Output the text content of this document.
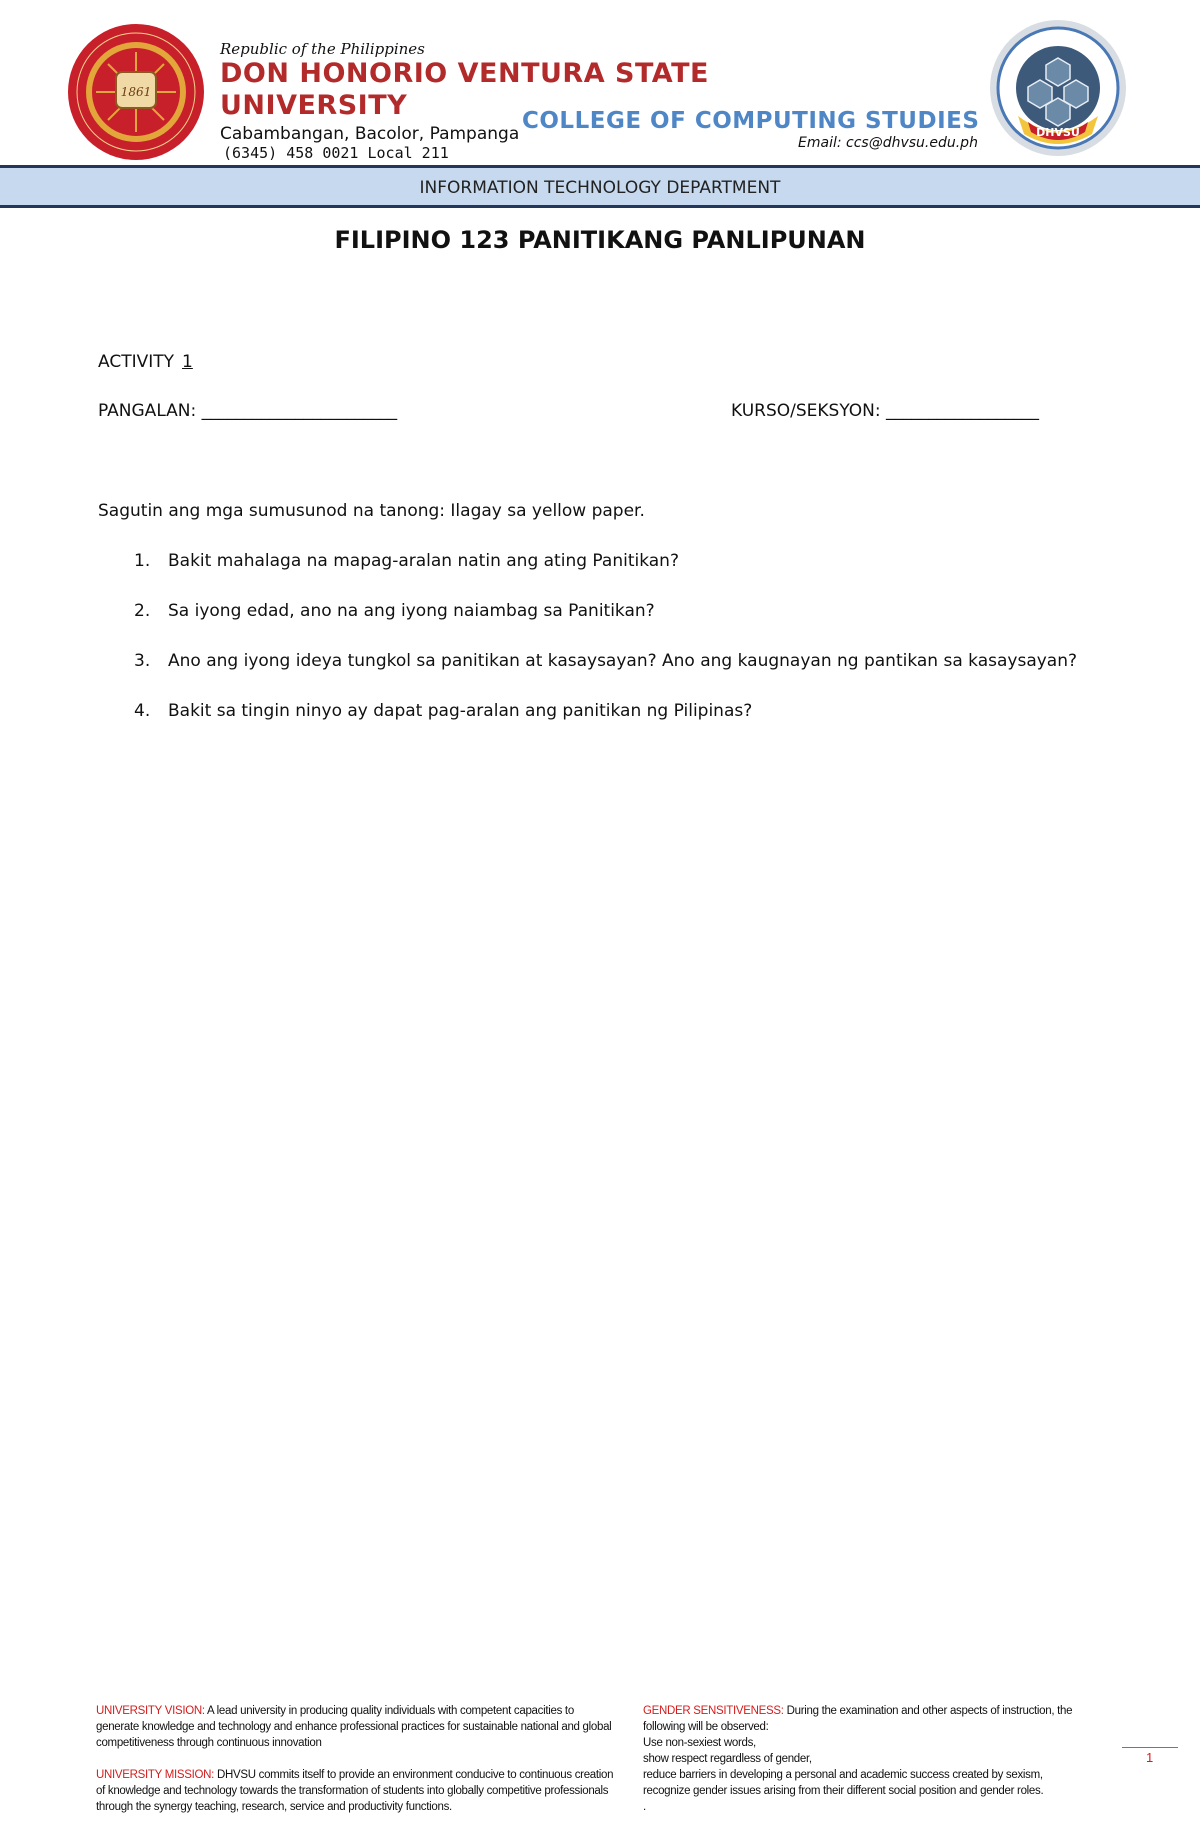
1861
Republic of the Philippines
DON HONORIO VENTURA STATE
UNIVERSITY
Cabambangan, Bacolor, Pampanga
(6345) 458 0021 Local 211
COLLEGE OF COMPUTING STUDIES
Email: ccs@dhvsu.edu.ph
DHVSU
INFORMATION TECHNOLOGY DEPARTMENT
FILIPINO 123 PANITIKANG PANLIPUNAN
ACTIVITY 1
PANGALAN: _______________________	KURSO/SEKSYON: __________________
Sagutin ang mga sumusunod na tanong: Ilagay sa yellow paper.
1. Bakit mahalaga na mapag-aralan natin ang ating Panitikan?
2. Sa iyong edad, ano na ang iyong naiambag sa Panitikan?
3. Ano ang iyong ideya tungkol sa panitikan at kasaysayan? Ano ang kaugnayan ng pantikan sa kasaysayan?
4. Bakit sa tingin ninyo ay dapat pag-aralan ang panitikan ng Pilipinas?
UNIVERSITY VISION: A lead university in producing quality individuals with competent capacities to generate knowledge and technology and enhance professional practices for sustainable national and global competitiveness through continuous innovation
UNIVERSITY MISSION: DHVSU commits itself to provide an environment conducive to continuous creation of knowledge and technology towards the transformation of students into globally competitive professionals through the synergy teaching, research, service and productivity functions.
GENDER SENSITIVENESS: During the examination and other aspects of instruction, the following will be observed:
Use non-sexiest words,
show respect regardless of gender,
reduce barriers in developing a personal and academic success created by sexism,
recognize gender issues arising from their different social position and gender roles.
.
1
